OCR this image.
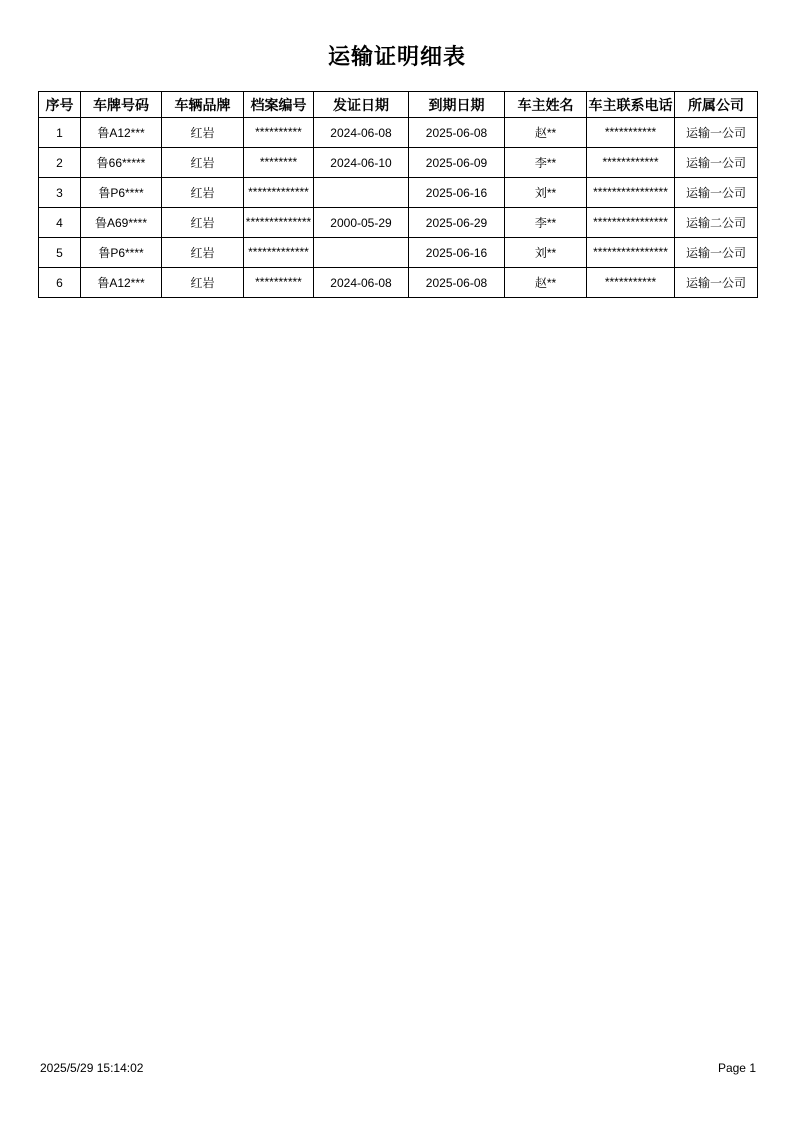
运输证明细表
序号	车牌号码	车辆品牌	档案编号	发证日期	到期日期	车主姓名	车主联系电话	所属公司
1	鲁A12***	红岩	**********	2024-06-08	2025-06-08	赵**	***********	运输一公司
2	鲁66*****	红岩	********	2024-06-10	2025-06-09	李**	************	运输一公司
3	鲁P6****	红岩	*************		2025-06-16	刘**	****************	运输一公司
4	鲁A69****	红岩	**************	2000-05-29	2025-06-29	李**	****************	运输二公司
5	鲁P6****	红岩	*************		2025-06-16	刘**	****************	运输一公司
6	鲁A12***	红岩	**********	2024-06-08	2025-06-08	赵**	***********	运输一公司
2025/5/29 15:14:02	Page 1
